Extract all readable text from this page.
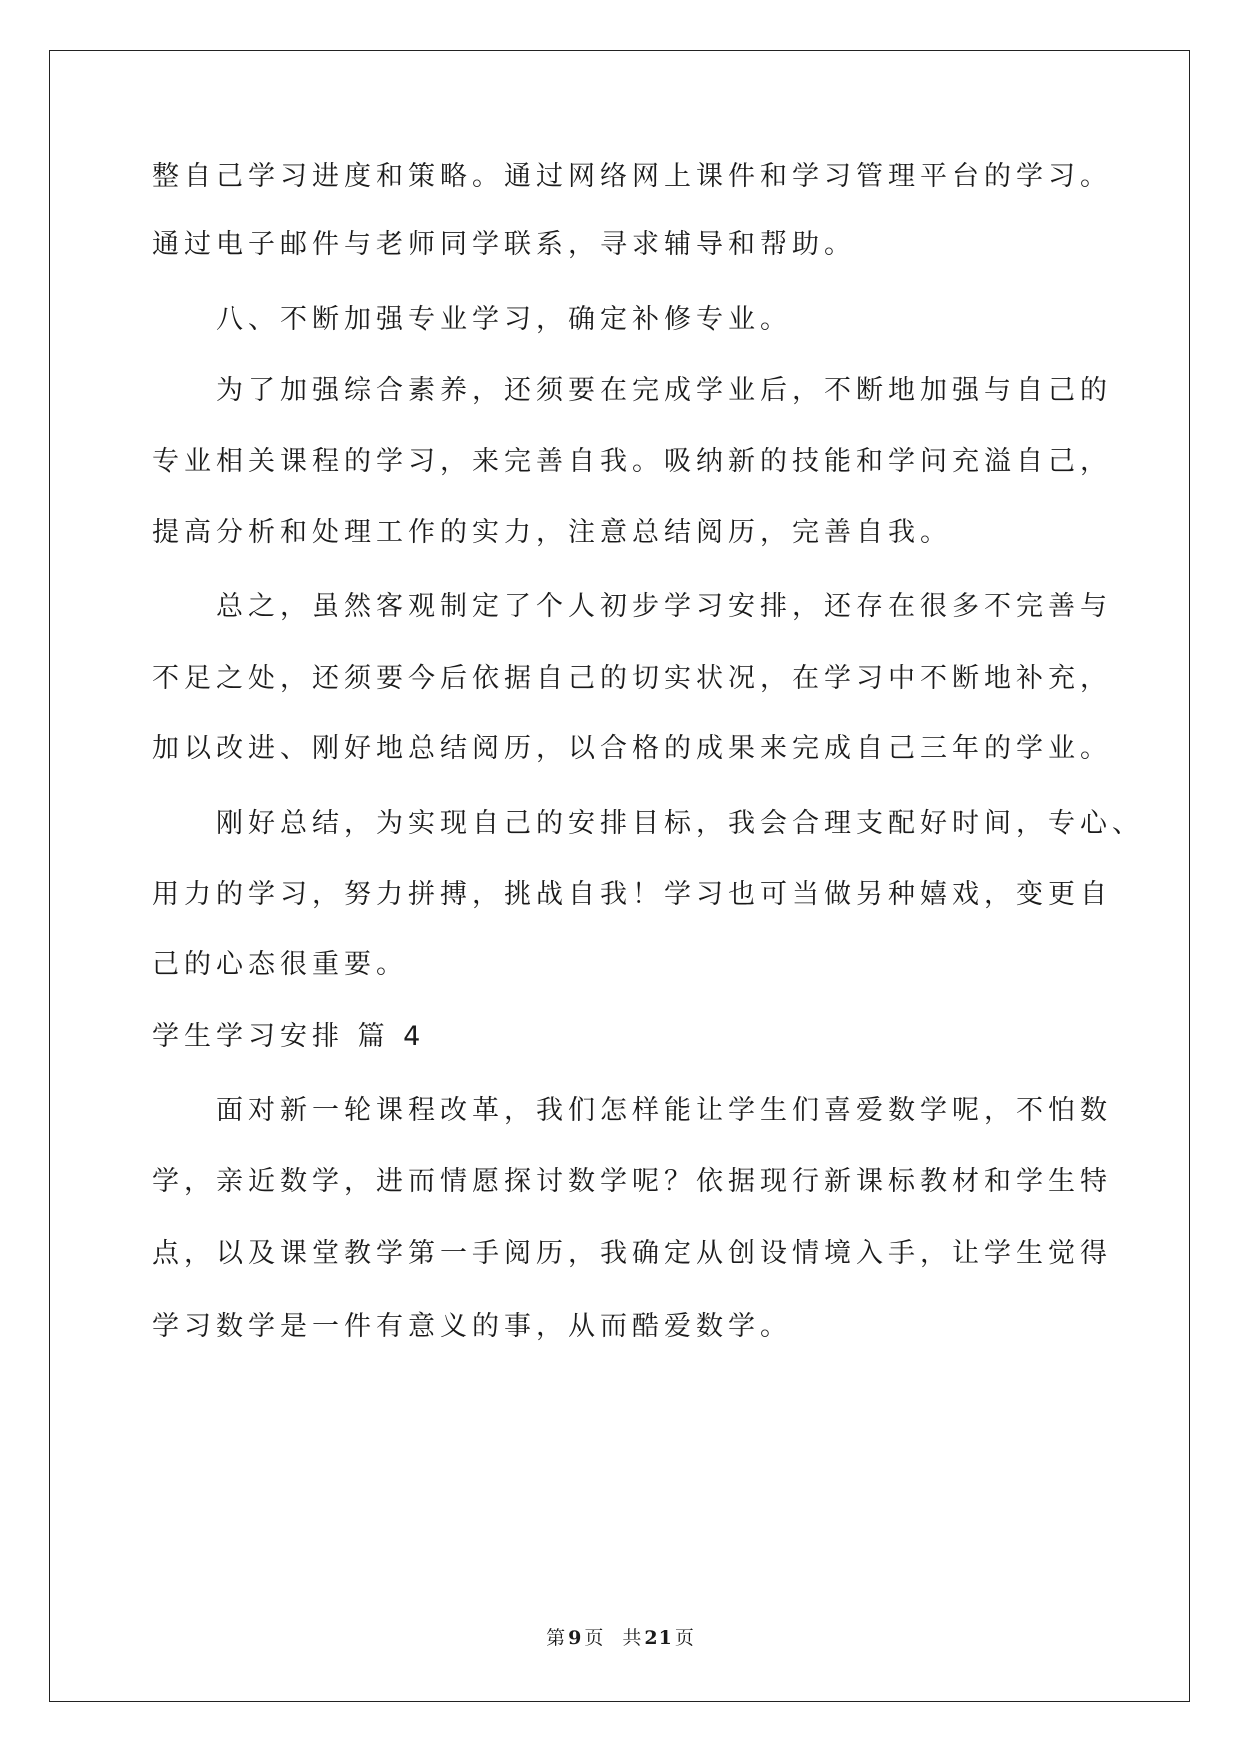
整自己学习进度和策略。通过网络网上课件和学习管理平台的学习。
通过电子邮件与老师同学联系，寻求辅导和帮助。
八、不断加强专业学习，确定补修专业。
为了加强综合素养，还须要在完成学业后，不断地加强与自己的
专业相关课程的学习，来完善自我。吸纳新的技能和学问充溢自己，
提高分析和处理工作的实力，注意总结阅历，完善自我。
总之，虽然客观制定了个人初步学习安排，还存在很多不完善与
不足之处，还须要今后依据自己的切实状况，在学习中不断地补充，
加以改进、刚好地总结阅历，以合格的成果来完成自己三年的学业。
刚好总结，为实现自己的安排目标，我会合理支配好时间，专心、
用力的学习，努力拼搏，挑战自我！学习也可当做另种嬉戏，变更自
己的心态很重要。
学生学习安排 篇 4
面对新一轮课程改革，我们怎样能让学生们喜爱数学呢，不怕数
学，亲近数学，进而情愿探讨数学呢？依据现行新课标教材和学生特
点，以及课堂教学第一手阅历，我确定从创设情境入手，让学生觉得
学习数学是一件有意义的事，从而酷爱数学。
第 9 页 共 21 页
